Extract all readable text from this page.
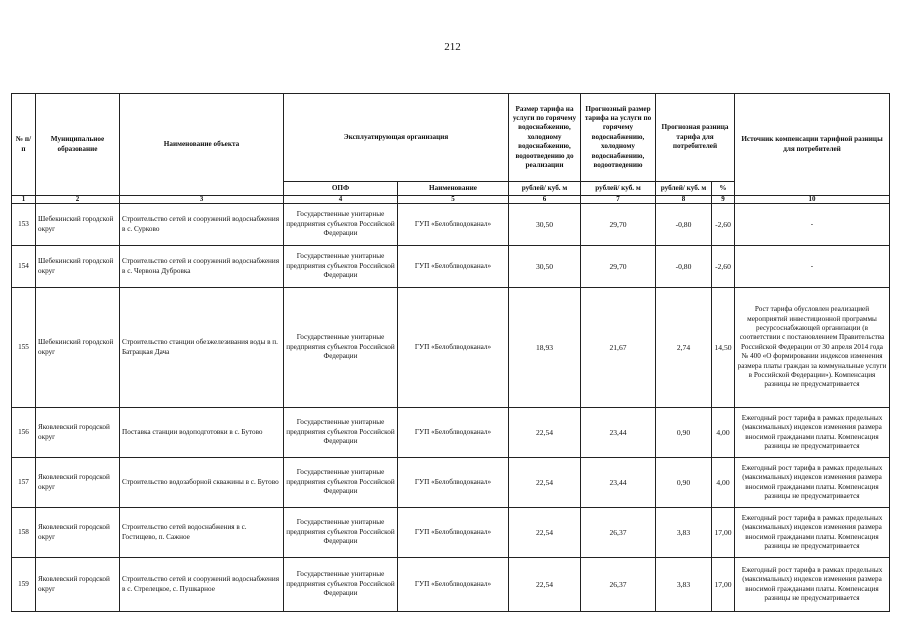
212
№ п/п	Муниципальное образование	Наименование объекта	Эксплуатирующая организация		Размер тарифа на услуги по горячему водоснабжению, холодному водоснабжению, водоотведению до реализации	Прогнозный размер тарифа на услуги по горячему водоснабжению, холодному водоснабжению, водоотведению	Прогнозная разница тарифа для потребителей		Источник компенсации тарифной разницы для потребителей
			ОПФ	Наименование	рублей/ куб. м	рублей/ куб. м	рублей/ куб. м	%	
1	2	3	4	5	6	7	8	9	10
153	Шебекинский городской округ	Строительство сетей и сооружений водоснабжения в с. Сурково	Государственные унитарные предприятия субъектов Российской Федерации	ГУП «Белоблводоканал»	30,50	29,70	-0,80	-2,60	-
154	Шебекинский городской округ	Строительство сетей и сооружений водоснабжения в с. Червона Дубровка	Государственные унитарные предприятия субъектов Российской Федерации	ГУП «Белоблводоканал»	30,50	29,70	-0,80	-2,60	-
155	Шебекинский городской округ	Строительство станции обезжелезивания воды в п. Батрацкая Дача	Государственные унитарные предприятия субъектов Российской Федерации	ГУП «Белоблводоканал»	18,93	21,67	2,74	14,50	Рост тарифа обусловлен реализацией мероприятий инвестиционной программы ресурсоснабжающей организации (в соответствии с постановлением Правительства Российской Федерации от 30 апреля 2014 года № 400 «О формировании индексов изменения размера платы граждан за коммунальные услуги в Российской Федерации»). Компенсация разницы не предусматривается
156	Яковлевский городской округ	Поставка станции водоподготовки в с. Бутово	Государственные унитарные предприятия субъектов Российской Федерации	ГУП «Белоблводоканал»	22,54	23,44	0,90	4,00	Ежегодный рост тарифа в рамках предельных (максимальных) индексов изменения размера вносимой гражданами платы. Компенсация разницы не предусматривается
157	Яковлевский городской округ	Строительство водозаборной скважины в с. Бутово	Государственные унитарные предприятия субъектов Российской Федерации	ГУП «Белоблводоканал»	22,54	23,44	0,90	4,00	Ежегодный рост тарифа в рамках предельных (максимальных) индексов изменения размера вносимой гражданами платы. Компенсация разницы не предусматривается
158	Яковлевский городской округ	Строительство сетей водоснабжения в с. Гостищево, п. Сажное	Государственные унитарные предприятия субъектов Российской Федерации	ГУП «Белоблводоканал»	22,54	26,37	3,83	17,00	Ежегодный рост тарифа в рамках предельных (максимальных) индексов изменения размера вносимой гражданами платы. Компенсация разницы не предусматривается
159	Яковлевский городской округ	Строительство сетей и сооружений водоснабжения в с. Стрелецкое, с. Пушкарное	Государственные унитарные предприятия субъектов Российской Федерации	ГУП «Белоблводоканал»	22,54	26,37	3,83	17,00	Ежегодный рост тарифа в рамках предельных (максимальных) индексов изменения размера вносимой гражданами платы. Компенсация разницы не предусматривается
